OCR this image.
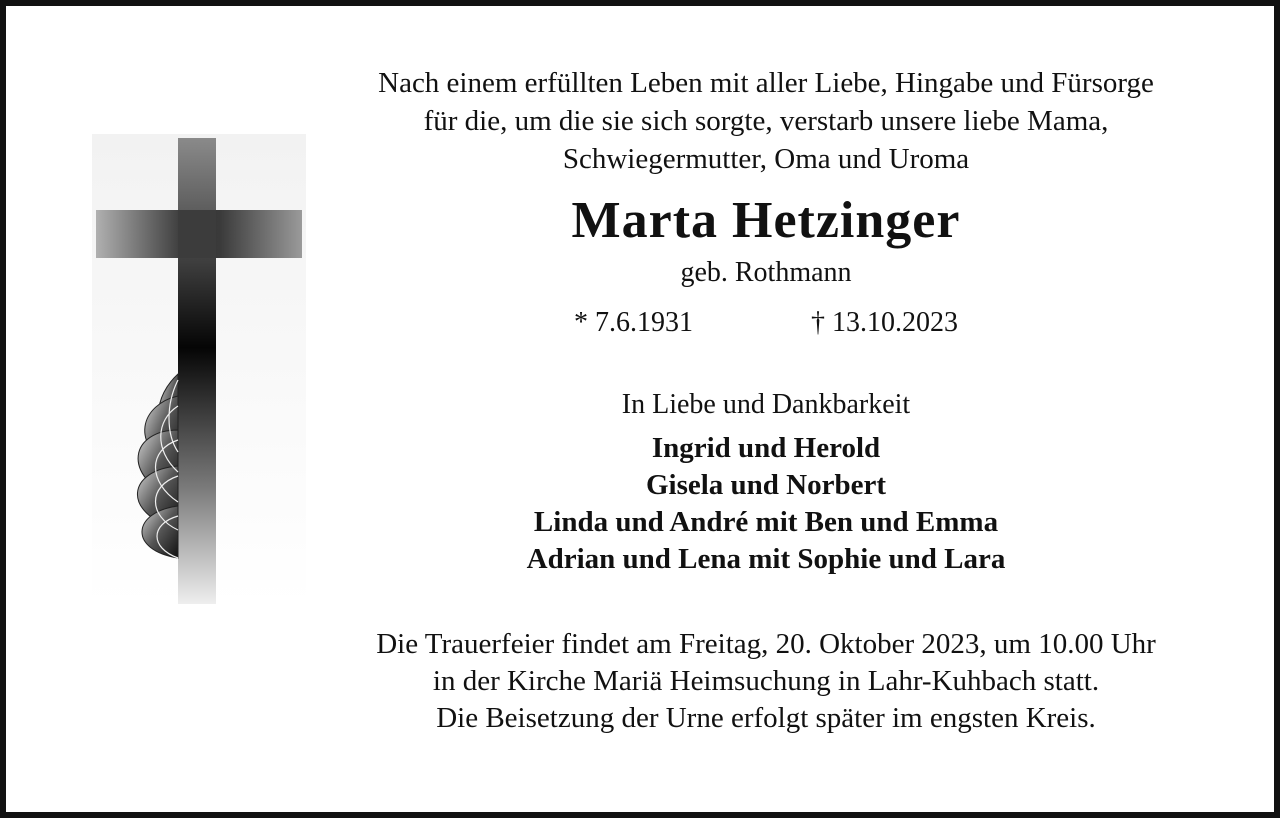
Nach einem erfüllten Leben mit aller Liebe, Hingabe und Fürsorge
für die, um die sie sich sorgte, verstarb unsere liebe Mama,
Schwiegermutter, Oma und Uroma
Marta Hetzinger
geb. Rothmann
* 7.6.1931	† 13.10.2023
In Liebe und Dankbarkeit
Ingrid und Herold
Gisela und Norbert
Linda und André mit Ben und Emma
Adrian und Lena mit Sophie und Lara
Die Trauerfeier findet am Freitag, 20. Oktober 2023, um 10.00 Uhr
in der Kirche Mariä Heimsuchung in Lahr-Kuhbach statt.
Die Beisetzung der Urne erfolgt später im engsten Kreis.
